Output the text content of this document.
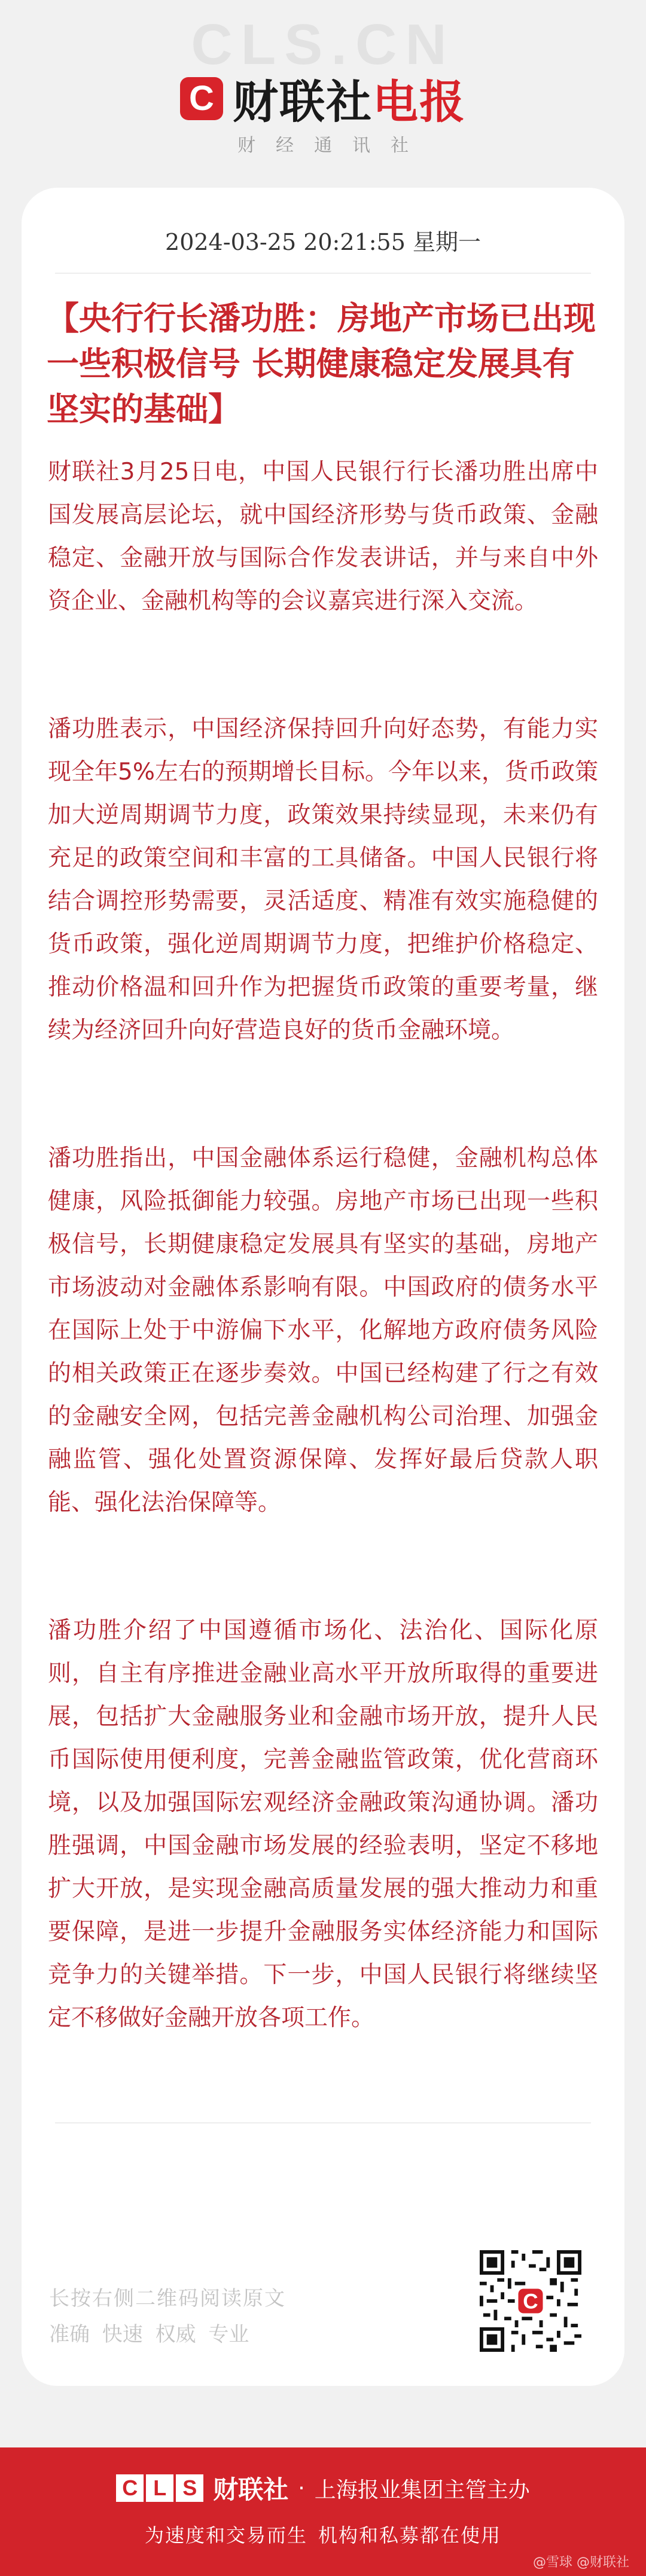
CLS.CN
C 财联社电报
财经通讯社
2024-03-25 20:21:55 星期一
【央行行长潘功胜：房地产市场已出现一些积极信号 长期健康稳定发展具有坚实的基础】

财联社3月25日电，中国人民银行行长潘功胜出席中国发展高层论坛，就中国经济形势与货币政策、金融稳定、金融开放与国际合作发表讲话，并与来自中外资企业、金融机构等的会议嘉宾进行深入交流。

潘功胜表示，中国经济保持回升向好态势，有能力实现全年5%左右的预期增长目标。今年以来，货币政策加大逆周期调节力度，政策效果持续显现，未来仍有充足的政策空间和丰富的工具储备。中国人民银行将结合调控形势需要，灵活适度、精准有效实施稳健的货币政策，强化逆周期调节力度，把维护价格稳定、推动价格温和回升作为把握货币政策的重要考量，继续为经济回升向好营造良好的货币金融环境。

潘功胜指出，中国金融体系运行稳健，金融机构总体健康，风险抵御能力较强。房地产市场已出现一些积极信号，长期健康稳定发展具有坚实的基础，房地产市场波动对金融体系影响有限。中国政府的债务水平在国际上处于中游偏下水平，化解地方政府债务风险的相关政策正在逐步奏效。中国已经构建了行之有效的金融安全网，包括完善金融机构公司治理、加强金融监管、强化处置资源保障、发挥好最后贷款人职能、强化法治保障等。

潘功胜介绍了中国遵循市场化、法治化、国际化原则，自主有序推进金融业高水平开放所取得的重要进展，包括扩大金融服务业和金融市场开放，提升人民币国际使用便利度，完善金融监管政策，优化营商环境，以及加强国际宏观经济金融政策沟通协调。潘功胜强调，中国金融市场发展的经验表明，坚定不移地扩大开放，是实现金融高质量发展的强大推动力和重要保障，是进一步提升金融服务实体经济能力和国际竞争力的关键举措。下一步，中国人民银行将继续坚定不移做好金融开放各项工作。

长按右侧二维码阅读原文
准确 快速 权威 专业
C
C L S 财联社 · 上海报业集团主管主办
为速度和交易而生 机构和私募都在使用
@雪球 @财联社
